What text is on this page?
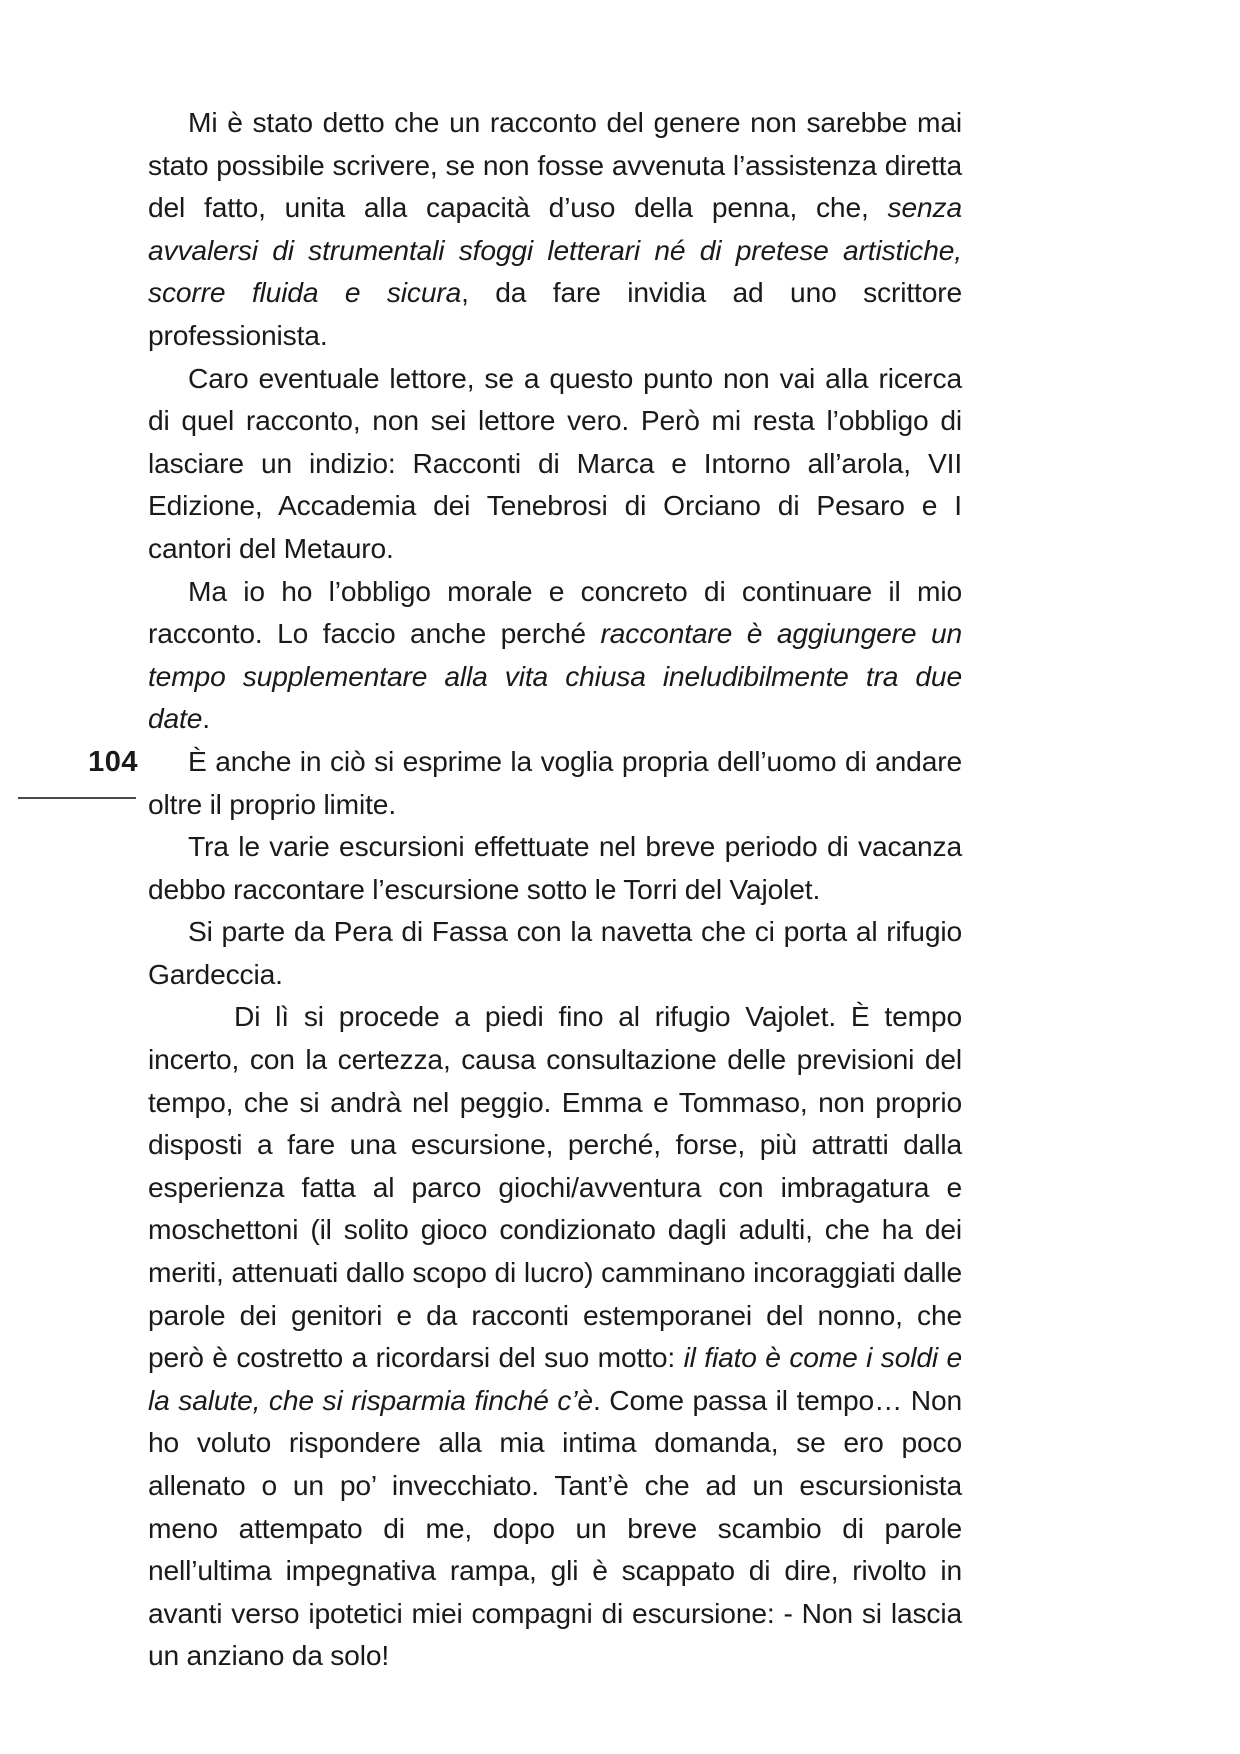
104

Mi è stato detto che un racconto del genere non sarebbe mai stato possibile scrivere, se non fosse avvenuta l’assistenza diretta del fatto, unita alla capacità d’uso della penna, che, senza avvalersi di strumentali sfoggi letterari né di pretese artistiche, scorre fluida e sicura, da fare invidia ad uno scrittore professionista.

Caro eventuale lettore, se a questo punto non vai alla ricerca di quel racconto, non sei lettore vero. Però mi resta l’obbligo di lasciare un indizio: Racconti di Marca e Intorno all’arola, VII Edizione, Accademia dei Tenebrosi di Orciano di Pesaro e I cantori del Metauro.

Ma io ho l’obbligo morale e concreto di continuare il mio racconto. Lo faccio anche perché raccontare è aggiungere un tempo supplementare alla vita chiusa ineludibilmente tra due date.

È anche in ciò si esprime la voglia propria dell’uomo di andare oltre il proprio limite.

Tra le varie escursioni effettuate nel breve periodo di vacanza debbo raccontare l’escursione sotto le Torri del Vajolet.

Si parte da Pera di Fassa con la navetta che ci porta al rifugio Gardeccia.

Di lì si procede a piedi fino al rifugio Vajolet. È tempo incerto, con la certezza, causa consultazione delle previsioni del tempo, che si andrà nel peggio. Emma e Tommaso, non proprio disposti a fare una escursione, perché, forse, più attratti dalla esperienza fatta al parco giochi/avventura con imbragatura e moschettoni (il solito gioco condizionato dagli adulti, che ha dei meriti, attenuati dallo scopo di lucro) camminano incoraggiati dalle parole dei genitori e da racconti estemporanei del nonno, che però è costretto a ricordarsi del suo motto: il fiato è come i soldi e la salute, che si risparmia finché c’è. Come passa il tempo… Non ho voluto rispondere alla mia intima domanda, se ero poco allenato o un po’ invecchiato. Tant’è che ad un escursionista meno attempato di me, dopo un breve scambio di parole nell’ultima impegnativa rampa, gli è scappato di dire, rivolto in avanti verso ipotetici miei compagni di escursione: - Non si lascia un anziano da solo!
